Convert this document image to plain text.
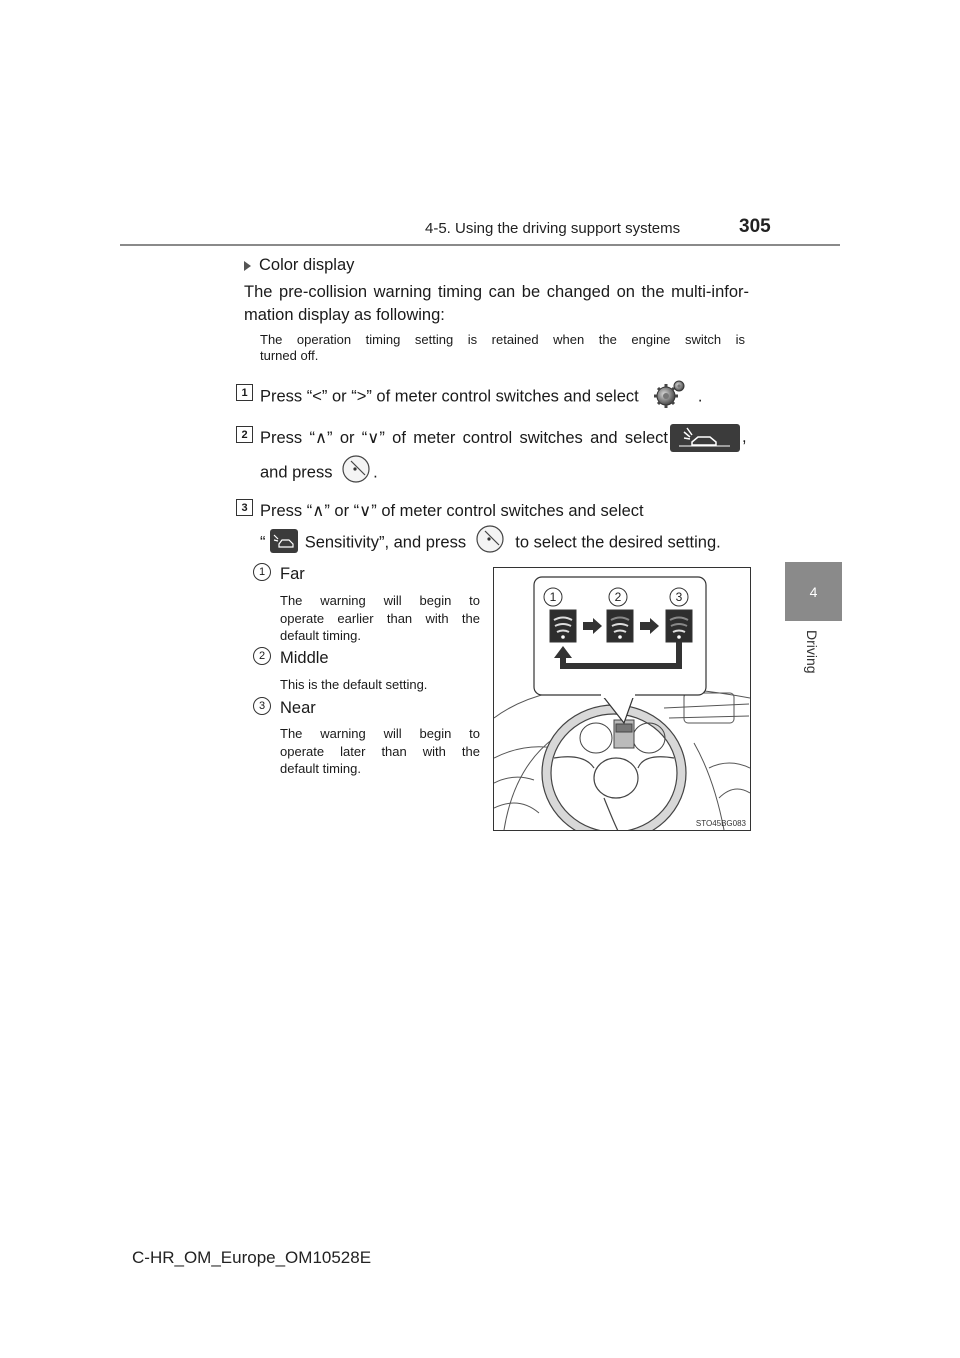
4-5. Using the driving support systems	305
4
Driving
Color display
The pre-collision warning timing can be changed on the multi-infor-
mation display as following:
The operation timing setting is retained when the engine switch is
turned off.
1 Press “<” or “>” of meter control switches and select	.
2 Press “∧” or “∨” of meter control switches and select	,
and press .
3 Press “∧” or “∨” of meter control switches and select
“ Sensitivity”, and press	to select the desired setting.
1 Far
The warning will begin to
operate earlier than with the
default timing.
2 Middle
This is the default setting.
3 Near
The warning will begin to
operate later than with the
default timing.
1	2	3
STO45BG083
C-HR_OM_Europe_OM10528E
